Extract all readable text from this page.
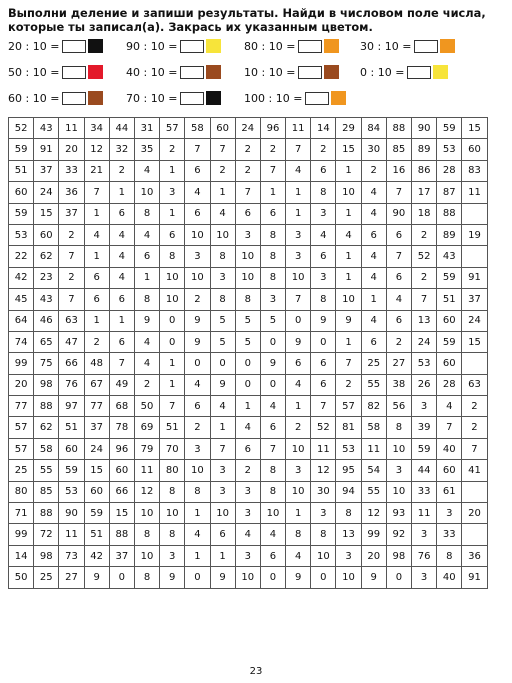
Выполни деление и запиши результаты. Найди в числовом поле числа,
которые ты записал(а). Закрась их указанным цветом.
20 : 10 =	90 : 10 =	80 : 10 =	30 : 10 =
50 : 10 =	40 : 10 =	10 : 10 =	0 : 10 =
60 : 10 =	70 : 10 =	100 : 10 =
52	43	11	34	44	31	57	58	60	24	96	11	14	29	84	88	90	59	15
59	91	20	12	32	35	2	7	7	2	2	7	2	15	30	85	89	53	60
51	37	33	21	2	4	1	6	2	2	7	4	6	1	2	16	86	28	83
60	24	36	7	1	10	3	4	1	7	1	1	8	10	4	7	17	87	11
59	15	37	1	6	8	1	6	4	6	6	1	3	1	4	90	18	88	
53	60	2	4	4	4	6	10	10	3	8	3	4	4	6	6	2	89	19
22	62	7	1	4	6	8	3	8	10	8	3	6	1	4	7	52	43	
42	23	2	6	4	1	10	10	3	10	8	10	3	1	4	6	2	59	91
45	43	7	6	6	8	10	2	8	8	3	7	8	10	1	4	7	51	37
64	46	63	1	1	9	0	9	5	5	5	0	9	9	4	6	13	60	24
74	65	47	2	6	4	0	9	5	5	0	9	0	1	6	2	24	59	15
99	75	66	48	7	4	1	0	0	0	9	6	6	7	25	27	53	60	
20	98	76	67	49	2	1	4	9	0	0	4	6	2	55	38	26	28	63
77	88	97	77	68	50	7	6	4	1	4	1	7	57	82	56	3	4	2
57	62	51	37	78	69	51	2	1	4	6	2	52	81	58	8	39	7	2
57	58	60	24	96	79	70	3	7	6	7	10	11	53	11	10	59	40	7
25	55	59	15	60	11	80	10	3	2	8	3	12	95	54	3	44	60	41
80	85	53	60	66	12	8	8	3	3	8	10	30	94	55	10	33	61	
71	88	90	59	15	10	10	1	10	3	10	1	3	8	12	93	11	3	20
99	72	11	51	88	8	8	4	6	4	4	8	8	13	99	92	3	33	
14	98	73	42	37	10	3	1	1	3	6	4	10	3	20	98	76	8	36
50	25	27	9	0	8	9	0	9	10	0	9	0	10	9	0	3	40	91
23
